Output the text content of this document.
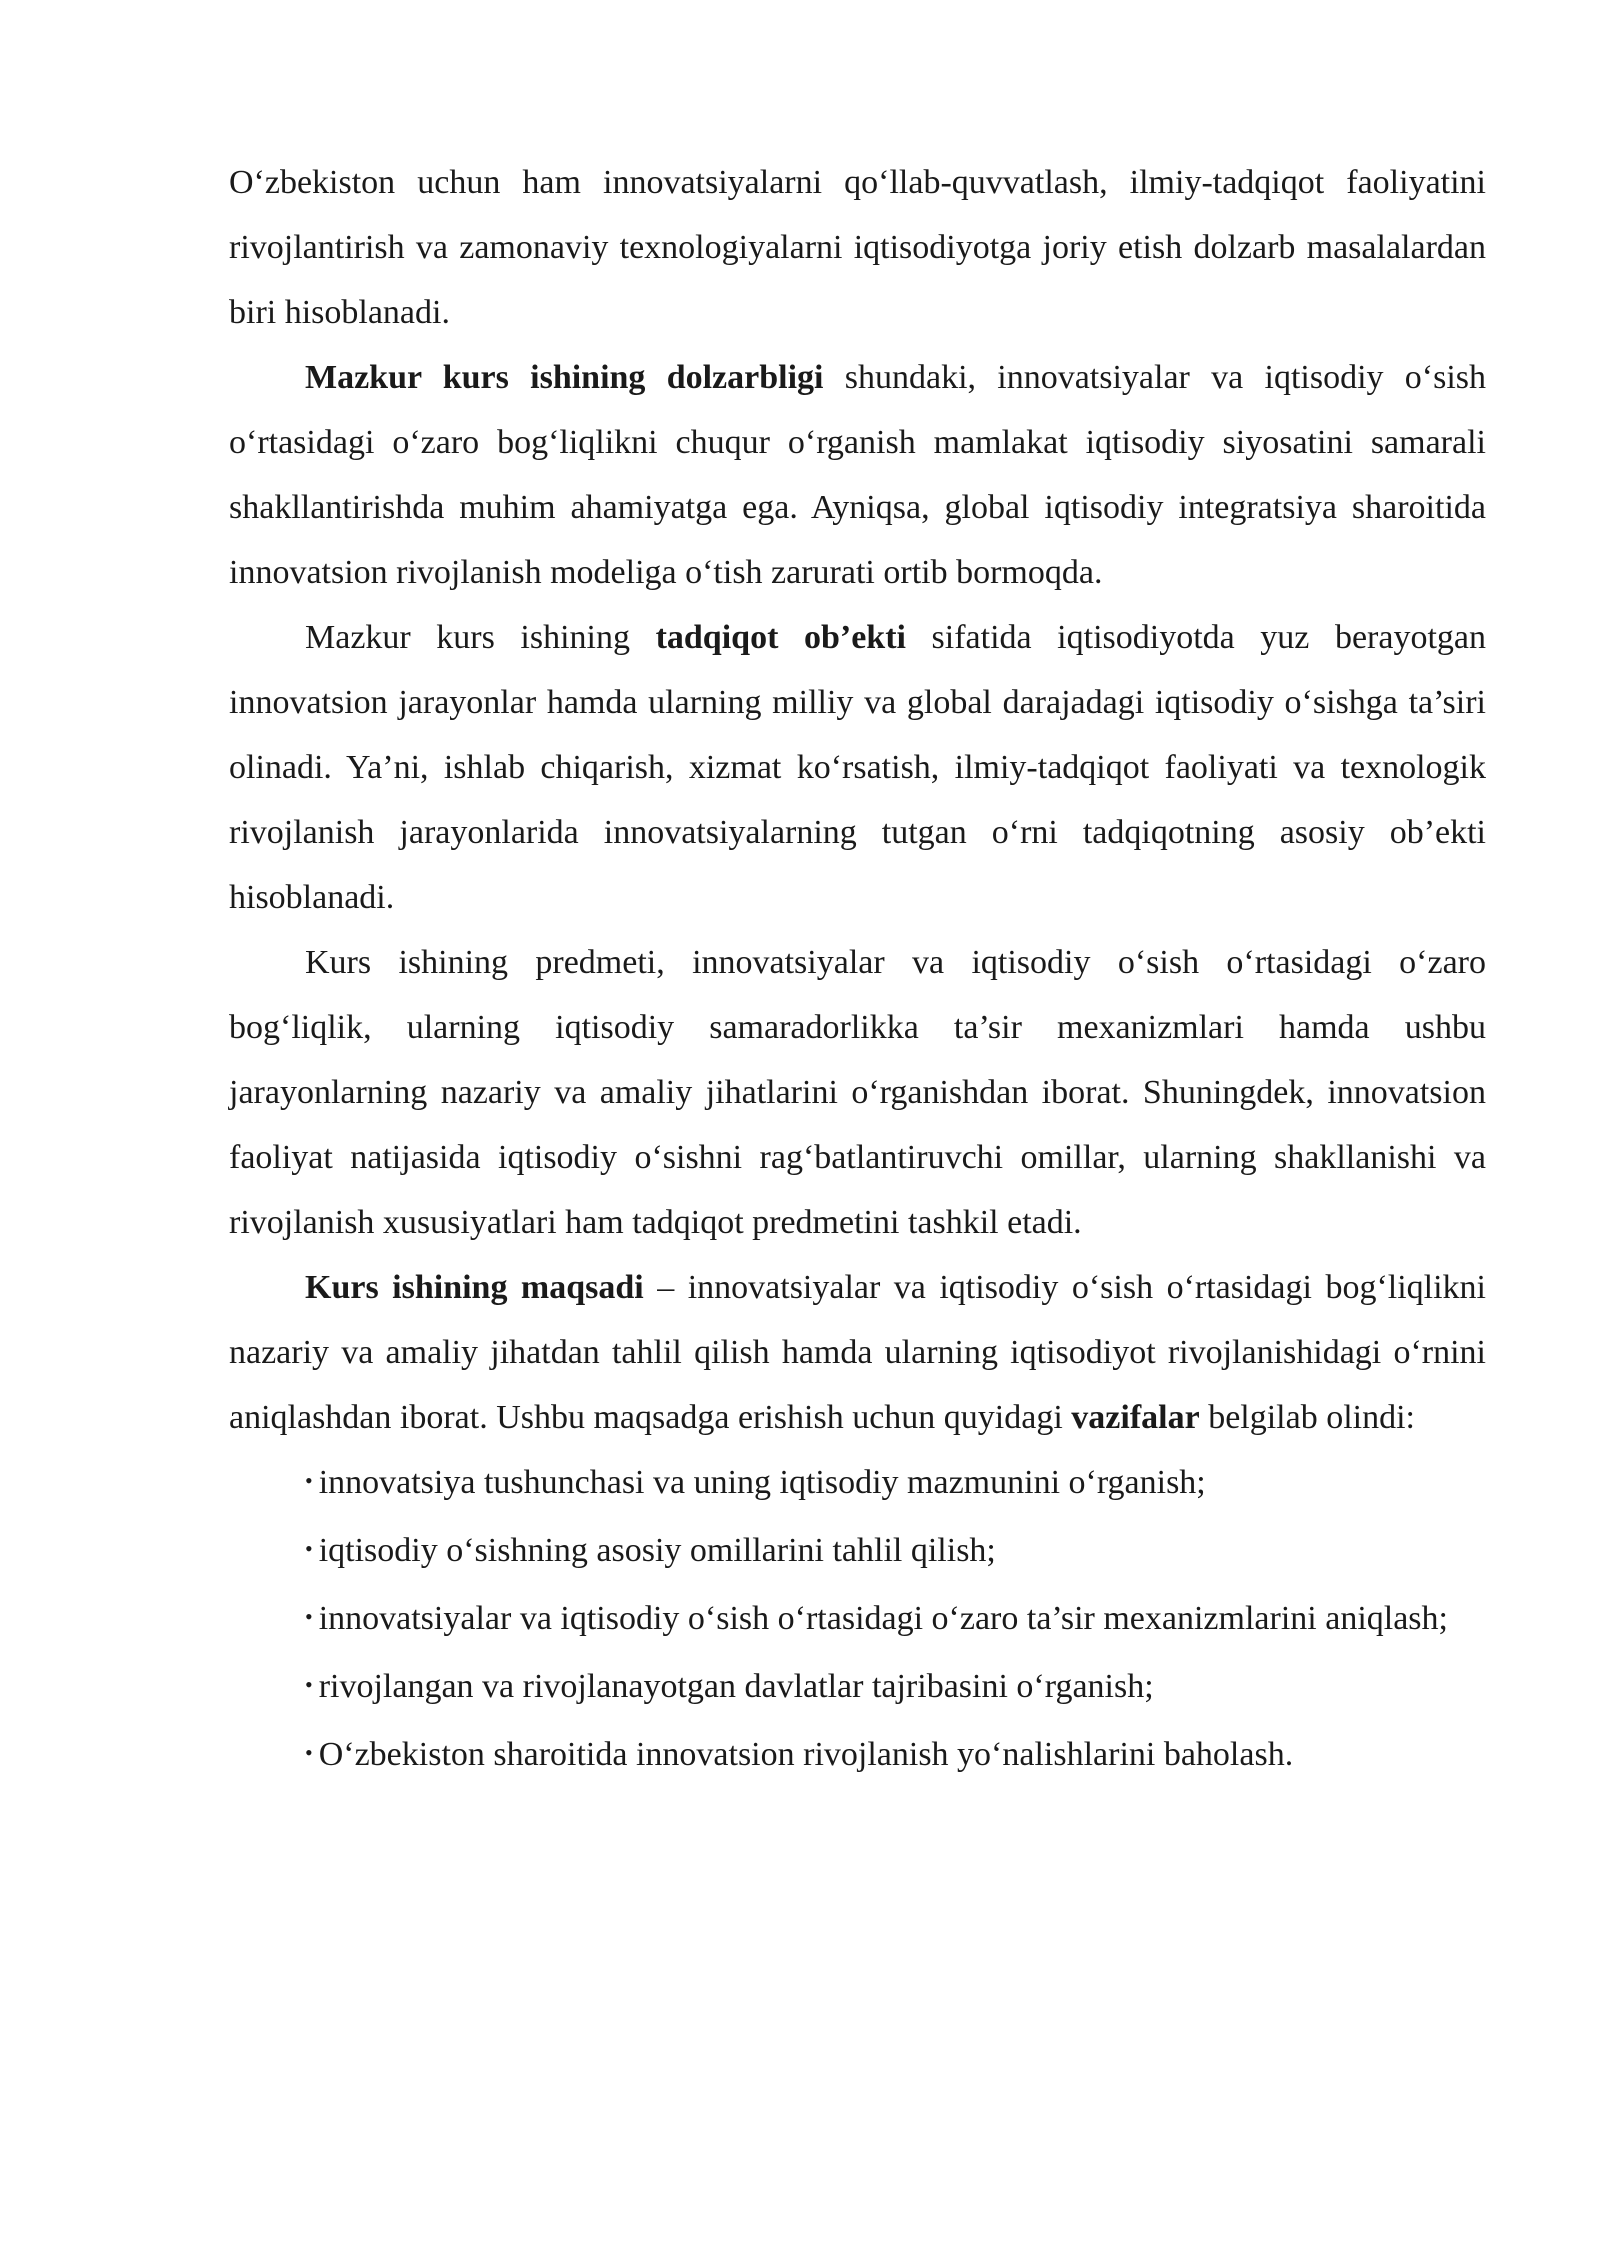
O‘zbekiston uchun ham innovatsiyalarni qo‘llab-quvvatlash, ilmiy-tadqiqot faoliyatini rivojlantirish va zamonaviy texnologiyalarni iqtisodiyotga joriy etish dolzarb masalalardan biri hisoblanadi.

Mazkur kurs ishining dolzarbligi shundaki, innovatsiyalar va iqtisodiy o‘sish o‘rtasidagi o‘zaro bog‘liqlikni chuqur o‘rganish mamlakat iqtisodiy siyosatini samarali shakllantirishda muhim ahamiyatga ega. Ayniqsa, global iqtisodiy integratsiya sharoitida innovatsion rivojlanish modeliga o‘tish zarurati ortib bormoqda.

Mazkur kurs ishining tadqiqot ob’ekti sifatida iqtisodiyotda yuz berayotgan innovatsion jarayonlar hamda ularning milliy va global darajadagi iqtisodiy o‘sishga ta’siri olinadi. Ya’ni, ishlab chiqarish, xizmat ko‘rsatish, ilmiy-tadqiqot faoliyati va texnologik rivojlanish jarayonlarida innovatsiyalarning tutgan o‘rni tadqiqotning asosiy ob’ekti hisoblanadi.

Kurs ishining predmeti, innovatsiyalar va iqtisodiy o‘sish o‘rtasidagi o‘zaro bog‘liqlik, ularning iqtisodiy samaradorlikka ta’sir mexanizmlari hamda ushbu jarayonlarning nazariy va amaliy jihatlarini o‘rganishdan iborat. Shuningdek, innovatsion faoliyat natijasida iqtisodiy o‘sishni rag‘batlantiruvchi omillar, ularning shakllanishi va rivojlanish xususiyatlari ham tadqiqot predmetini tashkil etadi.

Kurs ishining maqsadi – innovatsiyalar va iqtisodiy o‘sish o‘rtasidagi bog‘liqlikni nazariy va amaliy jihatdan tahlil qilish hamda ularning iqtisodiyot rivojlanishidagi o‘rnini aniqlashdan iborat. Ushbu maqsadga erishish uchun quyidagi vazifalar belgilab olindi:

• innovatsiya tushunchasi va uning iqtisodiy mazmunini o‘rganish;

• iqtisodiy o‘sishning asosiy omillarini tahlil qilish;

• innovatsiyalar va iqtisodiy o‘sish o‘rtasidagi o‘zaro ta’sir mexanizmlarini aniqlash;

• rivojlangan va rivojlanayotgan davlatlar tajribasini o‘rganish;

• O‘zbekiston sharoitida innovatsion rivojlanish yo‘nalishlarini baholash.
